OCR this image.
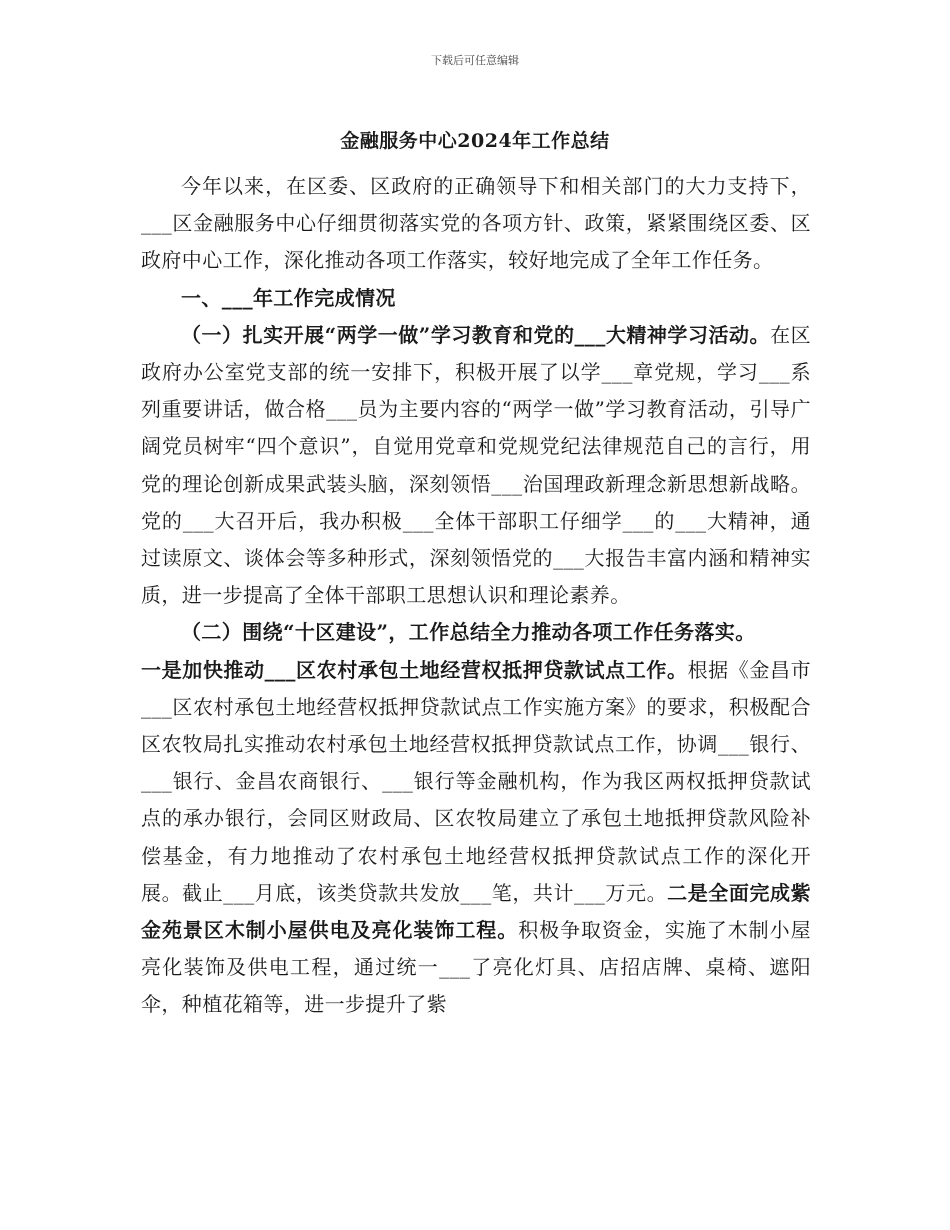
下载后可任意编辑
金融服务中心2024年工作总结

今年以来，在区委、区政府的正确领导下和相关部门的大力支持下，___区金融服务中心仔细贯彻落实党的各项方针、政策，紧紧围绕区委、区政府中心工作，深化推动各项工作落实，较好地完成了全年工作任务。

一、___年工作完成情况

（一）扎实开展“两学一做”学习教育和党的___大精神学习活动。在区政府办公室党支部的统一安排下，积极开展了以学___章党规，学习___系列重要讲话，做合格___员为主要内容的“两学一做”学习教育活动，引导广阔党员树牢“四个意识”，自觉用党章和党规党纪法律规范自己的言行，用党的理论创新成果武装头脑，深刻领悟___治国理政新理念新思想新战略。党的___大召开后，我办积极___全体干部职工仔细学___的___大精神，通过读原文、谈体会等多种形式，深刻领悟党的___大报告丰富内涵和精神实质，进一步提高了全体干部职工思想认识和理论素养。

（二）围绕“十区建设”，工作总结全力推动各项工作任务落实。

一是加快推动___区农村承包土地经营权抵押贷款试点工作。根据《金昌市___区农村承包土地经营权抵押贷款试点工作实施方案》的要求，积极配合区农牧局扎实推动农村承包土地经营权抵押贷款试点工作，协调___银行、___银行、金昌农商银行、___银行等金融机构，作为我区两权抵押贷款试点的承办银行，会同区财政局、区农牧局建立了承包土地抵押贷款风险补偿基金，有力地推动了农村承包土地经营权抵押贷款试点工作的深化开展。截止___月底，该类贷款共发放___笔，共计___万元。二是全面完成紫金苑景区木制小屋供电及亮化装饰工程。积极争取资金，实施了木制小屋亮化装饰及供电工程，通过统一___了亮化灯具、店招店牌、桌椅、遮阳伞，种植花箱等，进一步提升了紫
